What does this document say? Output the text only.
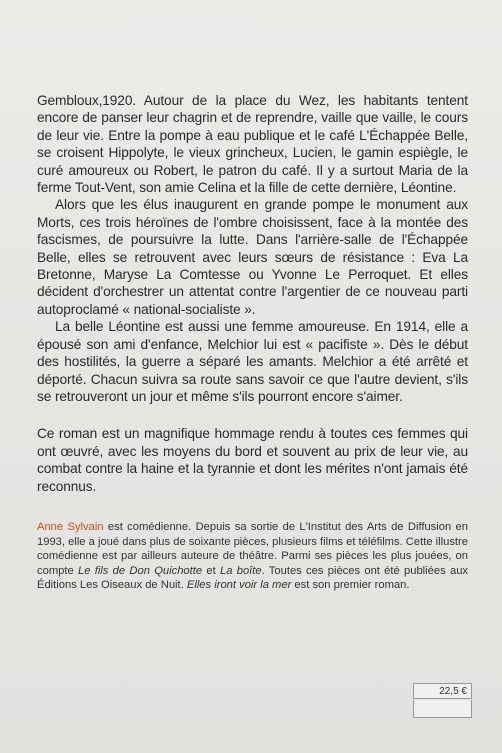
Gembloux,1920. Autour de la place du Wez, les habitants tentent encore de panser leur chagrin et de reprendre, vaille que vaille, le cours de leur vie. Entre la pompe à eau publique et le café L'Échappée Belle, se croisent Hippolyte, le vieux grincheux, Lucien, le gamin espiègle, le curé amoureux ou Robert, le patron du café. Il y a surtout Maria de la ferme Tout-Vent, son amie Celina et la fille de cette dernière, Léontine.

Alors que les élus inaugurent en grande pompe le monument aux Morts, ces trois héroïnes de l'ombre choisissent, face à la montée des fascismes, de poursuivre la lutte. Dans l'arrière-salle de l'Échappée Belle, elles se retrouvent avec leurs sœurs de résistance : Eva La Bretonne, Maryse La Comtesse ou Yvonne Le Perroquet. Et elles décident d'orchestrer un attentat contre l'argentier de ce nouveau parti autoproclamé « national-socialiste ».

La belle Léontine est aussi une femme amoureuse. En 1914, elle a épousé son ami d'enfance, Melchior lui est « pacifiste ». Dès le début des hostilités, la guerre a séparé les amants. Melchior a été arrêté et déporté. Chacun suivra sa route sans savoir ce que l'autre devient, s'ils se retrouveront un jour et même s'ils pourront encore s'aimer.

Ce roman est un magnifique hommage rendu à toutes ces femmes qui ont œuvré, avec les moyens du bord et souvent au prix de leur vie, au combat contre la haine et la tyrannie et dont les mérites n'ont jamais été reconnus.

Anne Sylvain est comédienne. Depuis sa sortie de L'Institut des Arts de Diffusion en 1993, elle a joué dans plus de soixante pièces, plusieurs films et téléfilms. Cette illustre comédienne est par ailleurs auteure de théâtre. Parmi ses pièces les plus jouées, on compte Le fils de Don Quichotte et La boîte. Toutes ces pièces ont été publiées aux Éditions Les Oiseaux de Nuit. Elles iront voir la mer est son premier roman.

22,5 €
